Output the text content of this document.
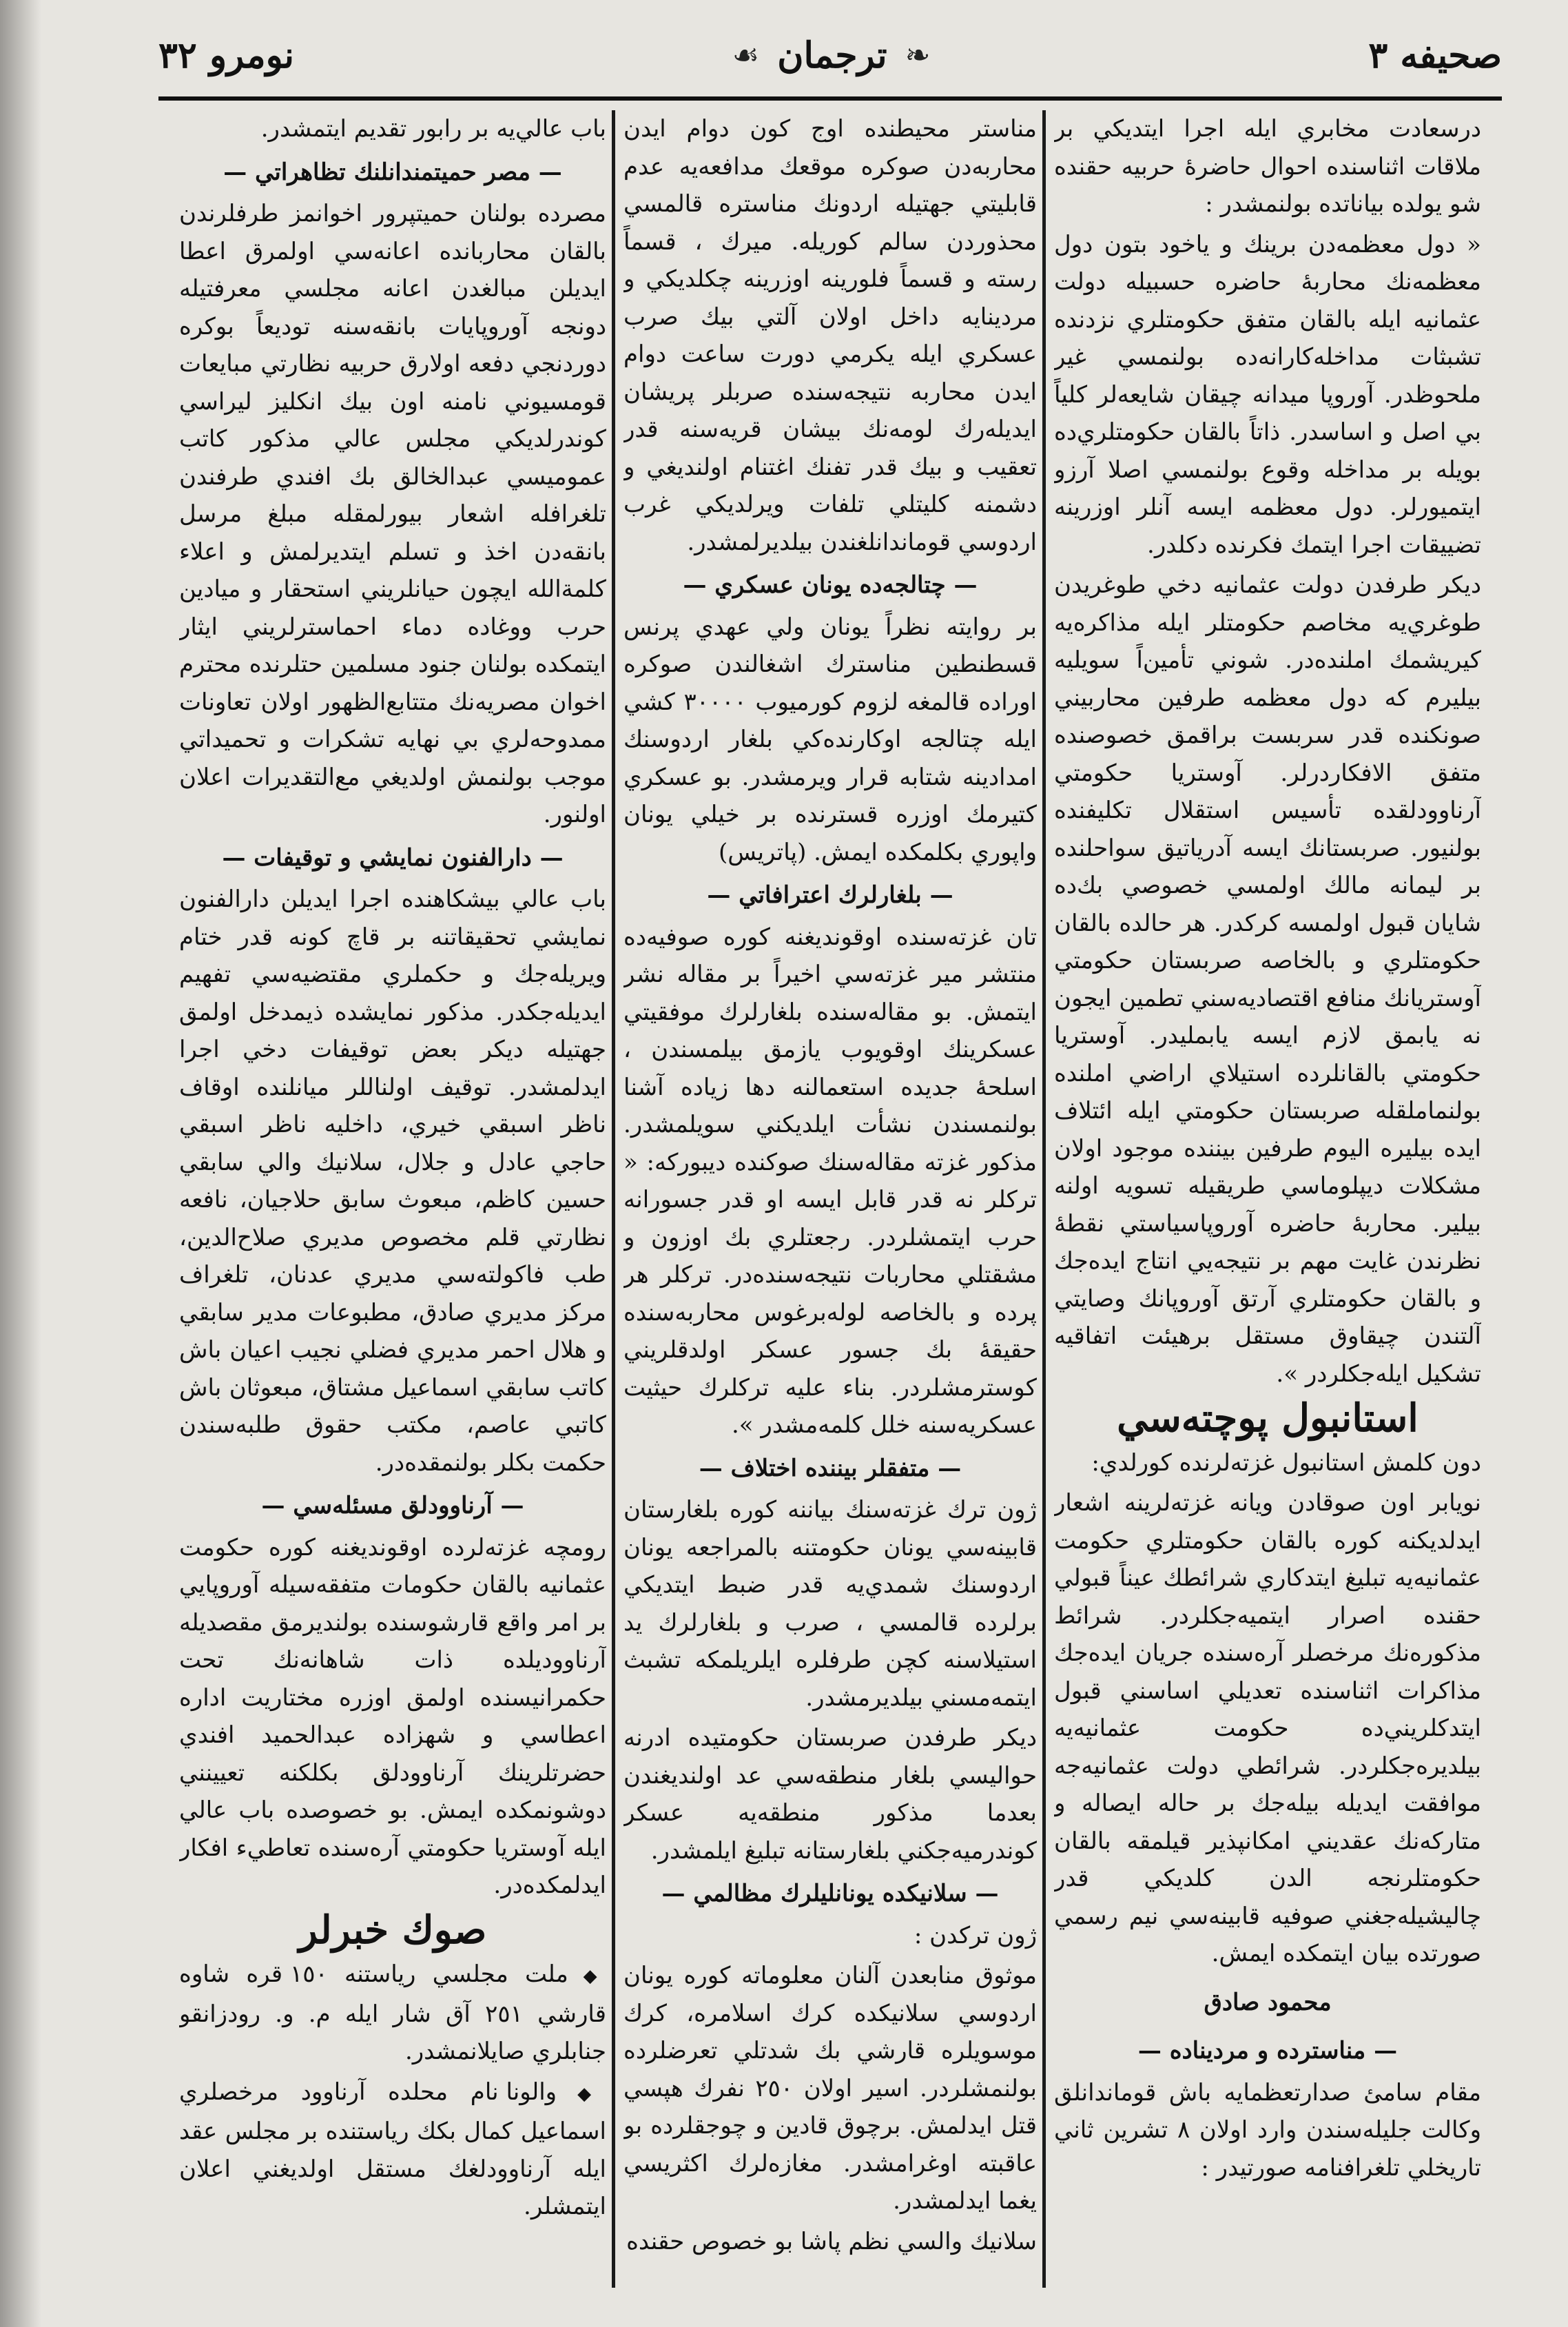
صحيفه ٣
❧
ترجمان
☙
نومرو ٣٢

درسعادت مخابري ايله اجرا ايتديكي بر ملاقات اثناسنده احوال حاضرهٔ حربيه حقنده شو يولده بياناتده بولنمشدر :

« دول معظمه‌دن برينك و ياخود بتون دول معظمه‌نك محاربهٔ حاضره حسبيله دولت عثمانيه ايله بالقان متفق حكومتلري نزدنده تشبثات مداخله‌كارانه‌ده بولنمسي غير ملحوظدر. آوروپا ميدانه چيقان شايعه‌لر كلياً بي اصل و اساسدر. ذاتاً بالقان حكومتلري‌ده بويله بر مداخله وقوع بولنمسي اصلا آرزو ايتميورلر. دول معظمه ايسه آنلر اوزرينه تضييقات اجرا ايتمك فكرنده دكلدر.

ديكر طرفدن دولت عثمانيه دخي طوغريدن طوغري‌يه مخاصم حكومتلر ايله مذاكره‌يه كيريشمك املنده‌در. شوني تأمين‌اً سويليه بيليرم كه دول معظمه طرفين محاربيني صونكنده قدر سربست براقمق خصوصنده متفق الافكاردرلر. آوستريا حكومتي آرناوودلقده تأسيس استقلال تكليفنده بولنيور. صربستانك ايسه آدرياتيق سواحلنده بر ليمانه مالك اولمسي خصوصي بك‌ده شايان قبول اولمسه كركدر. هر حالده بالقان حكومتلري و بالخاصه صربستان حكومتي آوستريانك منافع اقتصاديه‌سني تطمين ايجون نه يابمق لازم ايسه يابمليدر. آوستريا حكومتي بالقانلرده استيلاي اراضي املنده بولنماملقله صربستان حكومتي ايله ائتلاف ايده بيليره اليوم طرفين بيننده موجود اولان مشكلات ديپلوماسي طريقيله تسويه اولنه بيلير. محاربهٔ حاضره آوروپاسياستي نقطهٔ نظرندن غايت مهم بر نتيجه‌يي انتاج ايده‌جك و بالقان حكومتلري آرتق آوروپانك وصايتي آلتندن چيقاوق مستقل برهيئت اتفاقيه تشكيل ايله‌جكلردر ».

استانبول پوچته‌سي

دون كلمش استانبول غزته‌لرنده كورلدي:

نويابر اون صوقادن ويانه غزته‌لرينه اشعار ايدلديكنه كوره بالقان حكومتلري حكومت عثمانيه‌يه تبليغ ايتدكاري شرائطك عيناً قبولي حقنده اصرار ايتميه‌جكلردر. شرائط مذكوره‌نك مرخصلر آره‌سنده جريان ايده‌جك مذاكرات اثناسنده تعديلي اساسني قبول ايتدكلريني‌ده حكومت عثمانيه‌يه بيلديره‌جكلردر. شرائطي دولت عثمانيه‌جه موافقت ايديله بيله‌جك بر حاله ايصاله و متاركه‌نك عقديني امكانپذير قيلمقه بالقان حكومتلرنجه الدن كلديكي قدر چاليشيله‌جغني صوفيه قابينه‌سي نيم رسمي صورتده بيان ايتمكده ايمش.

محمود صادق

— مناستر‌ده و مردينا‌ده —

مقام سامئ صدارتعظمايه باش قوماندانلق وكالت جليله‌سندن وارد اولان ٨ تشرين ثاني تاريخلي تلغرافنامه صورتيدر :

مناستر محيطنده اوج كون دوام ايدن محاربه‌دن صوكره موقعك مدافعه‌يه عدم قابليتي جهتيله اردونك مناستره قالمسي محذوردن سالم كوريله. ميرك ، قسماً رسته و قسماً فلورينه اوزرينه چكلديكي و مردينا‌يه داخل اولان آلتي بيك صرب عسكري ايله يكرمي دورت ساعت دوام ايدن محاربه نتيجه‌سنده صربلر پريشان ايديله‌رك لومه‌نك بيشان قريه‌سنه قدر تعقيب و بيك قدر تفنك اغتنام اولنديغي و دشمنه كليتلي تلفات ويرلديكي غرب اردوسي قوماندانلغندن بيلديرلمشدر.

— چتالجه‌ده يونان عسكري —

بر روايته نظراً يونان ولي عهدي پرنس قسطنطين مناسترك اشغالندن صوكره اوراده قالمغه لزوم كورميوب ٣٠٠٠٠ كشي ايله چتالجه اوكارنده‌كي بلغار اردوسنك امدادينه شتابه قرار ويرمشدر. بو عسكري كتيرمك اوزره قسترنده بر خيلي يونان واپوري بكلمكده ايمش. (پاتريس)

— بلغارلرك اعترافاتي —

تان غزته‌سنده اوقونديغنه كوره صوفيه‌ده منتشر مير غزته‌سي اخيراً بر مقاله نشر ايتمش. بو مقاله‌سنده بلغارلرك موفقيتي عسكرينك اوقويوب يازمق بيلمسندن ، اسلحهٔ جديده استعمالنه دها زياده آشنا بولنمسندن نشأت ايلديكني سويلمشدر. مذكور غزته مقاله‌سنك صوكنده ديبوركه: « تركلر نه قدر قابل ايسه او قدر جسورانه حرب ايتمشلردر. رجعتلري بك اوزون و مشقتلي محاربات نتيجه‌سنده‌در. تركلر هر پرده و بالخاصه لوله‌برغوس محاربه‌سنده حقيقهٔ بك جسور عسكر اولدقلريني كوسترمشلردر. بناء عليه تركلرك حيثيت عسكريه‌سنه خلل كلمه‌مشدر ».

— متفقلر بيننده اختلاف —

ژون ترك غزته‌سنك بياننه كوره بلغارستان قابينه‌سي يونان حكومتنه بالمراجعه يونان اردوسنك شمدي‌يه قدر ضبط ايتديكي برلرده قالمسي ، صرب و بلغارلرك يد استيلاسنه كچن طرفلره ايلريلمكه تشبث ايتمه‌مسني بيلديرمشدر.

ديكر طرفدن صربستان حكومتيده ادرنه حواليسي بلغار منطقه‌سي عد اولنديغندن بعدما مذكور منطقه‌يه عسكر كوندرميه‌جكني بلغارستانه تبليغ ايلمشدر.

— سلانيكده يونانليلرك مظالمي —

ژون تركدن :

موثوق منابعدن آلنان معلوماته كوره يونان اردوسي سلانيكده كرك اسلامره، كرك موسويلره قارشي بك شدتلي تعرضلرده بولنمشلردر. اسير اولان ٢٥٠ نفرك هپسي قتل ايدلمش. برچوق قادين و چوجقلرده بو عاقبته اوغرامشدر. مغازه‌لرك اكثريسي يغما ايدلمشدر.

سلانيك والسي نظم پاشا بو خصوص حقنده

باب عالي‌يه بر رابور تقديم ايتمشدر.

— مصر حميتمندانلنك تظاهراتي —

مصرده بولنان حميتپرور اخوانمز طرفلرندن بالقان محاربانده اعانه‌سي اولمرق اعطا ايديلن مبالغدن اعانه مجلسي معرفتيله دونجه آوروپايات بانقه‌سنه توديعاً بوكره دوردنجي دفعه اولارق حربيه نظارتي مبايعات قومسيوني نامنه اون بيك انكليز ليراسي كوندرلديكي مجلس عالي مذكور كاتب عموميسي عبدالخالق بك افندي طرفندن تلغرافله اشعار بيورلمقله مبلغ مرسل بانقه‌دن اخذ و تسلم ايتديرلمش و اعلاء كلمة‌الله ايچون حيانلريني استحقار و ميادين حرب ووغاده دماء احماسترلريني ايثار ايتمكده بولنان جنود مسلمين حتلرنده محترم اخوان مصريه‌نك متتابع‌الظهور اولان تعاونات ممدوحه‌لري بي نهايه تشكرات و تحميداتي موجب بولنمش اولديغي مع‌التقديرات اعلان اولنور.

— دارالفنون نمايشي و توقيفات —

باب عالي بيشكاهنده اجرا ايديلن دارالفنون نمايشي تحقيقاتنه بر قاچ كونه قدر ختام ويريله‌جك و حكملري مقتضيه‌سي تفهيم ايديله‌جكدر. مذكور نمايشده ذيمدخل اولمق جهتيله ديكر بعض توقيفات دخي اجرا ايدلمشدر. توقيف اولناللر ميانلنده اوقاف ناظر اسبقي خيري، داخليه ناظر اسبقي حاجي عادل و جلال، سلانيك والي سابقي حسين كاظم، مبعوث سابق حلاجيان، نافعه نظارتي قلم مخصوص مديري صلاح‌الدين، طب فاكولته‌سي مديري عدنان، تلغراف مركز مديري صادق، مطبوعات مدير سابقي و هلال احمر مديري فضلي نجيب اعيان باش كاتب سابقي اسماعيل مشتاق، مبعوثان باش كاتبي عاصم، مكتب حقوق طلبه‌سندن حكمت بكلر بولنمقده‌در.

— آرناوودلق مسئله‌سي —

رومچه غزته‌لرده اوقونديغنه كوره حكومت عثمانيه بالقان حكومات متفقه‌سيله آوروپايي بر امر واقع قارشوسنده بولنديرمق مقصديله آرناووديلده ذات شاهانه‌نك تحت حكمرانيسنده اولمق اوزره مختاريت اداره اعطاسي و شهزاده عبدالحميد افندي حضرتلرينك آرناوودلق بكلكنه تعيينني دوشونمكده ايمش. بو خصوصده باب عالي ايله آوستريا حكومتي آره‌سنده تعاطيء افكار ايدلمكده‌در.

صوك خبرلر

◆ ملت مجلسي رياستنه ١٥٠ قره شاوه قارشي ٢٥١ آق شار ايله م. و. رودزانقو جنابلري صايلانمشدر.

◆ والونا نام محلده آرناوود مرخصلري اسماعيل كمال بكك رياستنده بر مجلس عقد ايله آرناوودلغك مستقل اولديغني اعلان ايتمشلر.
